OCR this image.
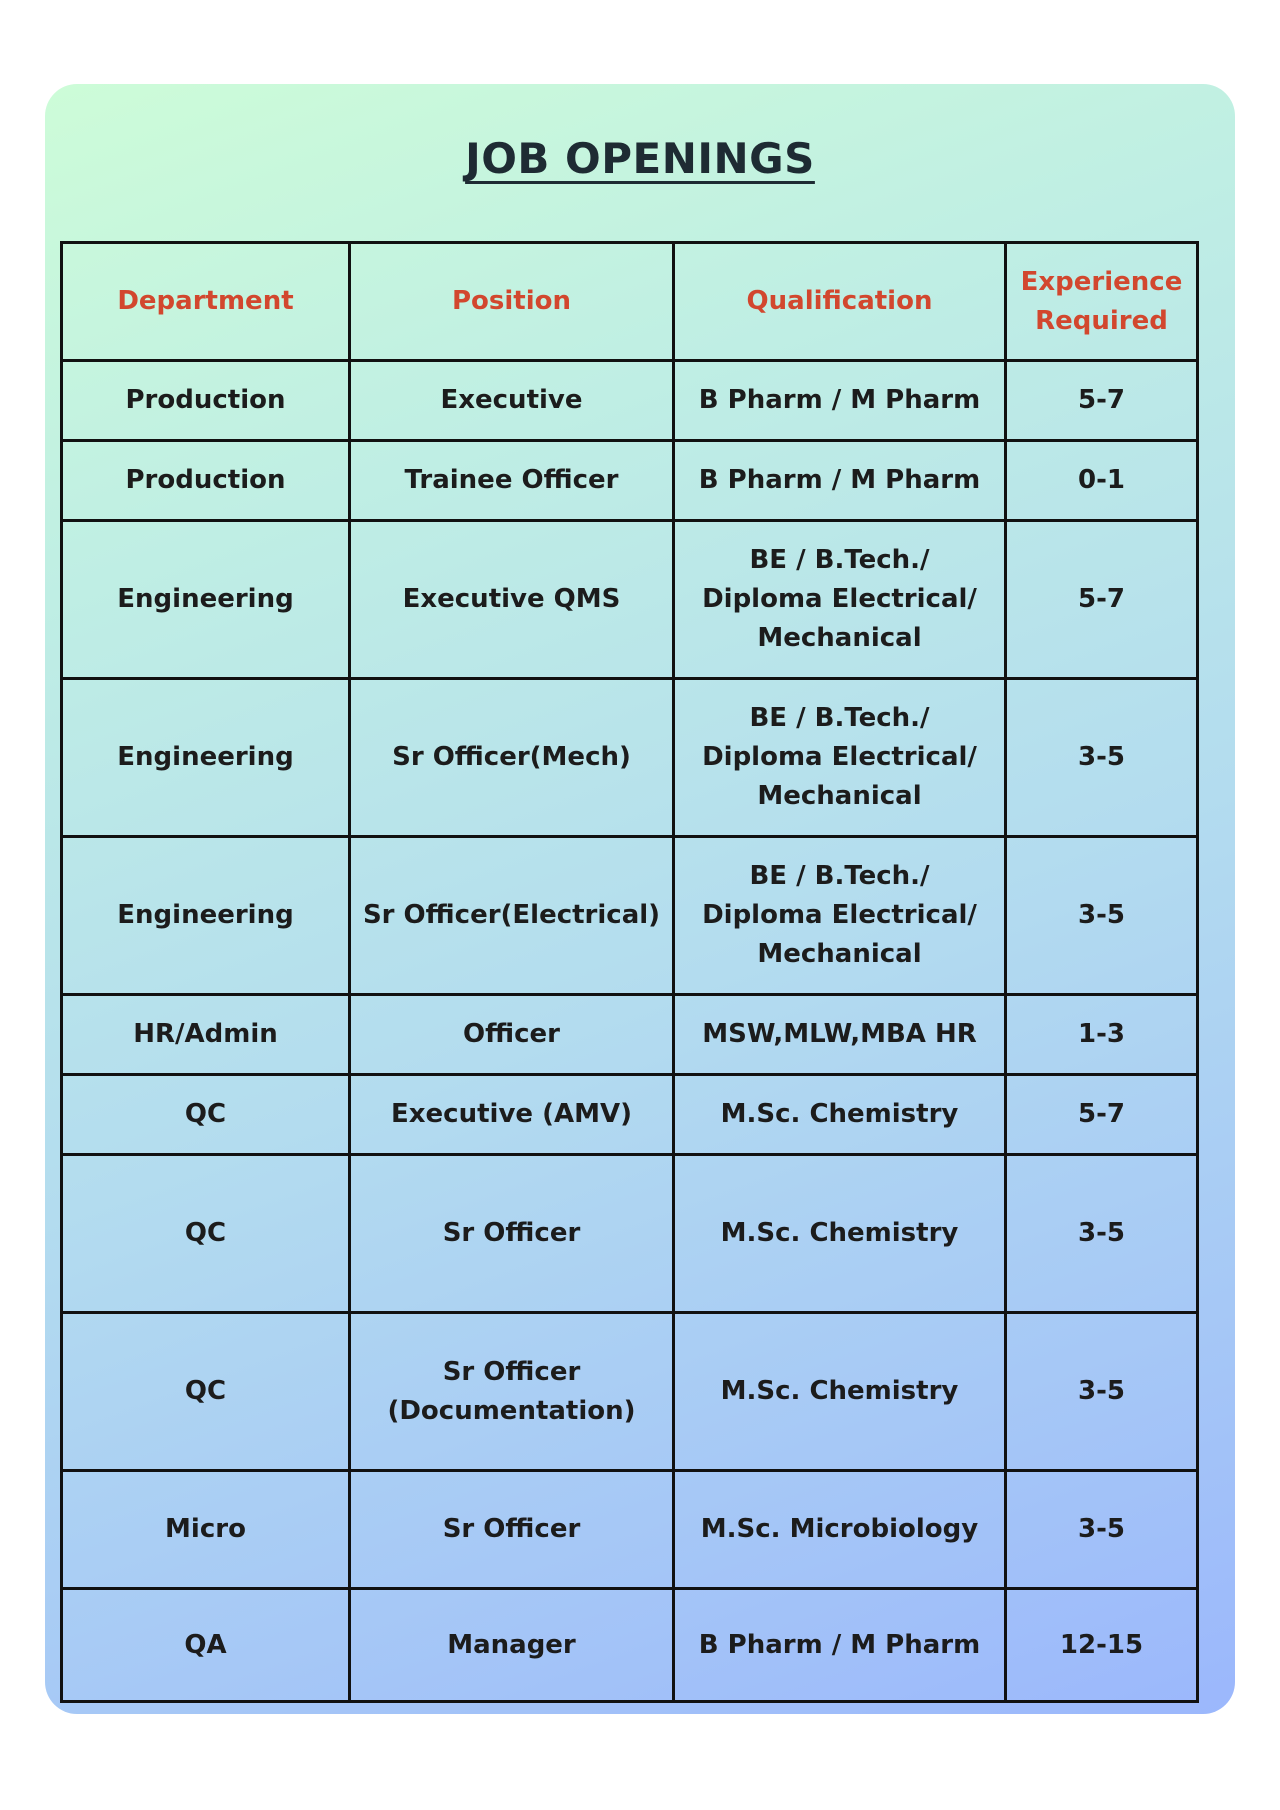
JOB OPENINGS
Department	Position	Qualification	Experience
Required
Production	Executive	B Pharm / M Pharm	5-7
Production	Trainee Officer	B Pharm / M Pharm	0-1
Engineering	Executive QMS	BE / B.Tech./
Diploma Electrical/
Mechanical	5-7
Engineering	Sr Officer(Mech)	BE / B.Tech./
Diploma Electrical/
Mechanical	3-5
Engineering	Sr Officer(Electrical)	BE / B.Tech./
Diploma Electrical/
Mechanical	3-5
HR/Admin	Officer	MSW,MLW,MBA HR	1-3
QC	Executive (AMV)	M.Sc. Chemistry	5-7
QC	Sr Officer	M.Sc. Chemistry	3-5
QC	Sr Officer
(Documentation)	M.Sc. Chemistry	3-5
Micro	Sr Officer	M.Sc. Microbiology	3-5
QA	Manager	B Pharm / M Pharm	12-15
